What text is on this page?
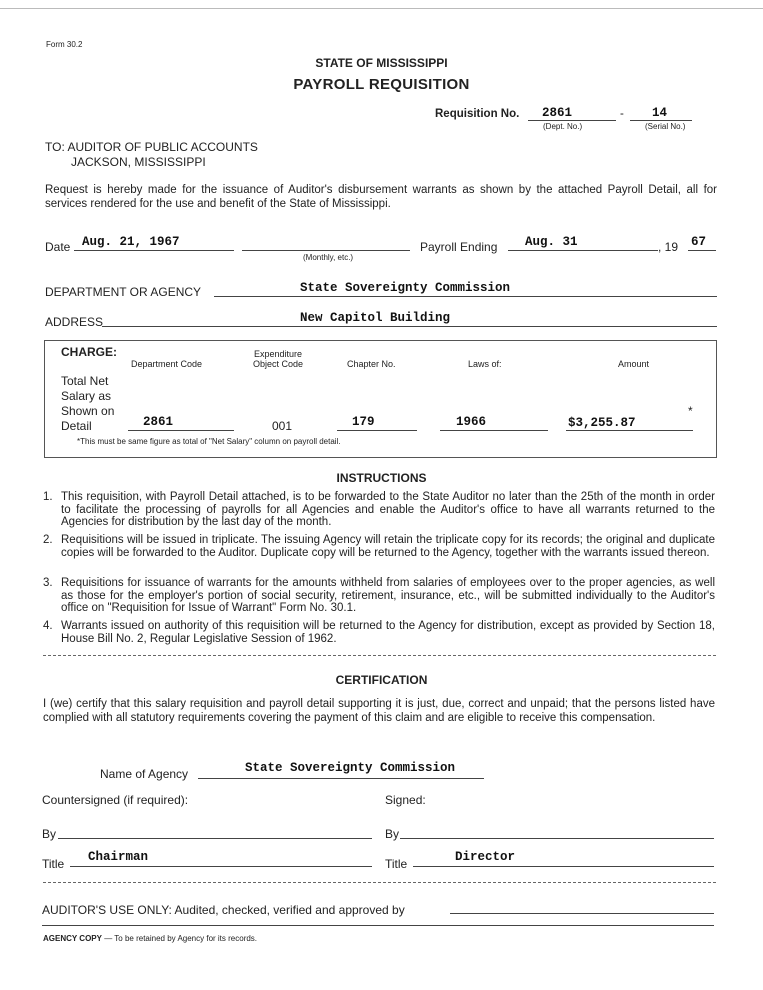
Form 30.2
STATE OF MISSISSIPPI
PAYROLL REQUISITION
Requisition No. 2861	- 14
(Dept. No.)	(Serial No.)
TO: AUDITOR OF PUBLIC ACCOUNTS
JACKSON, MISSISSIPPI
Request is hereby made for the issuance of Auditor's disbursement warrants as shown by the attached Payroll Detail, all for services rendered for the use and benefit of the State of Mississippi.
Date Aug. 21, 1967
(Monthly, etc.)
Payroll Ending Aug. 31	, 19 67
DEPARTMENT OR AGENCY	State Sovereignty Commission
ADDRESS	New Capitol Building
CHARGE:
Department Code
Expenditure
Object Code	Chapter No.	Laws of:	Amount
Total Net
Salary as
Shown on
Detail	2861	001	179	1966	$3,255.87
*
*This must be same figure as total of "Net Salary" column on payroll detail.
INSTRUCTIONS
1. This requisition, with Payroll Detail attached, is to be forwarded to the State Auditor no later than the 25th of the month in order to facilitate the processing of payrolls for all Agencies and enable the Auditor's office to have all warrants returned to the Agencies for distribution by the last day of the month.
2. Requisitions will be issued in triplicate. The issuing Agency will retain the triplicate copy for its records; the original and duplicate copies will be forwarded to the Auditor. Duplicate copy will be returned to the Agency, together with the warrants issued thereon.
3. Requisitions for issuance of warrants for the amounts withheld from salaries of employees over to the proper agencies, as well as those for the employer's portion of social security, retirement, insurance, etc., will be submitted individually to the Auditor's office on "Requisition for Issue of Warrant" Form No. 30.1.
4. Warrants issued on authority of this requisition will be returned to the Agency for distribution, except as provided by Section 18, House Bill No. 2, Regular Legislative Session of 1962.
CERTIFICATION
I (we) certify that this salary requisition and payroll detail supporting it is just, due, correct and unpaid; that the persons listed have complied with all statutory requirements covering the payment of this claim and are eligible to receive this compensation.
Name of Agency	State Sovereignty Commission
Countersigned (if required):	Signed:
By	By
Title Chairman	Title	Director
AUDITOR'S USE ONLY: Audited, checked, verified and approved by
AGENCY COPY — To be retained by Agency for its records.
